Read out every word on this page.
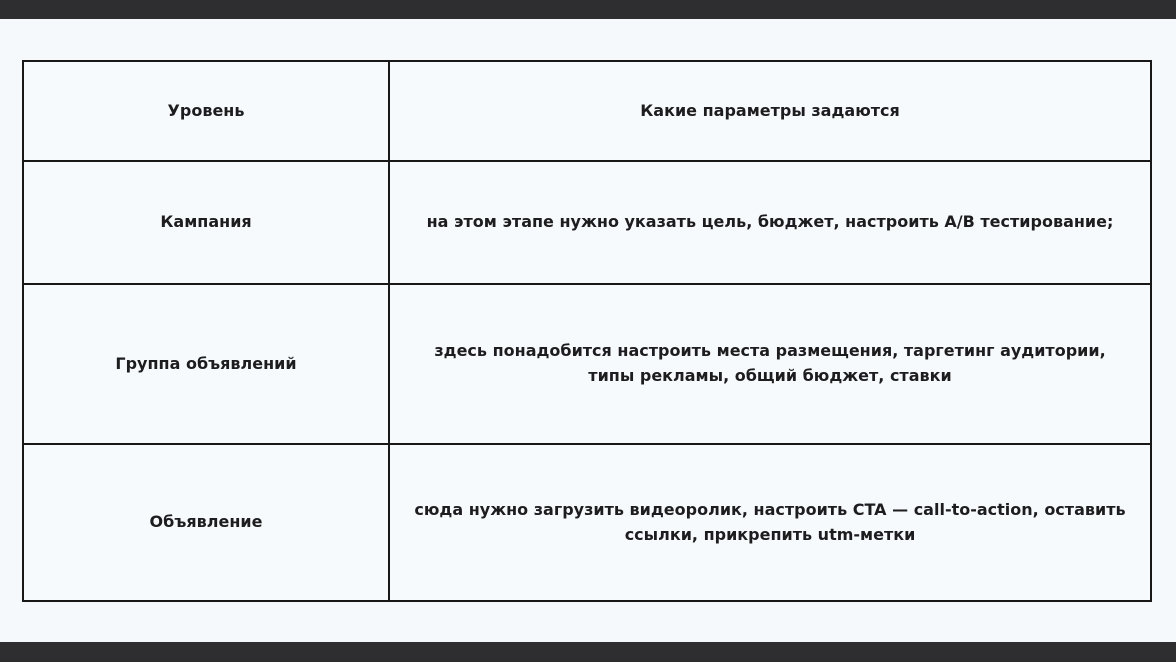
Уровень	Какие параметры задаются

Кампания	на этом этапе нужно указать цель, бюджет, настроить A/B тестирование;

Группа объявлений	здесь понадобится настроить места размещения, таргетинг аудитории, типы рекламы, общий бюджет, ставки

Объявление	сюда нужно загрузить видеоролик, настроить CTA — call-to-action, оставить ссылки, прикрепить utm-метки
